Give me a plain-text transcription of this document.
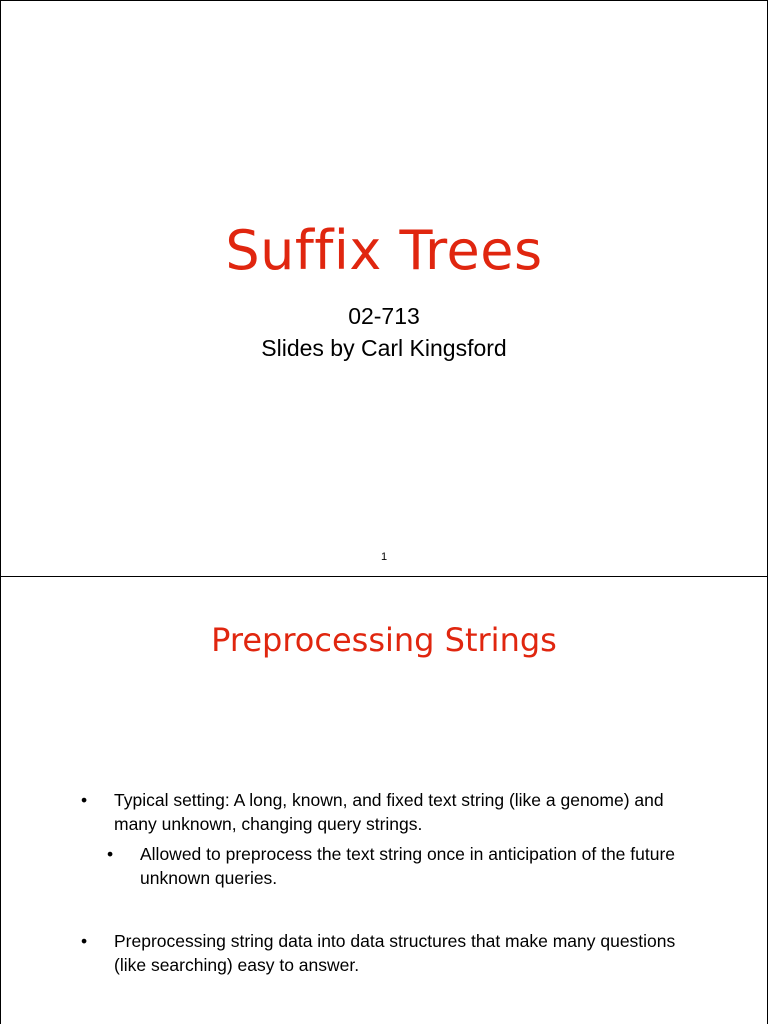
Suffix Trees
02-713
Slides by Carl Kingsford
1
Preprocessing Strings
• Typical setting: A long, known, and fixed text string (like a genome) and many unknown, changing query strings.
• Allowed to preprocess the text string once in anticipation of the future unknown queries.
• Preprocessing string data into data structures that make many questions (like searching) easy to answer.
